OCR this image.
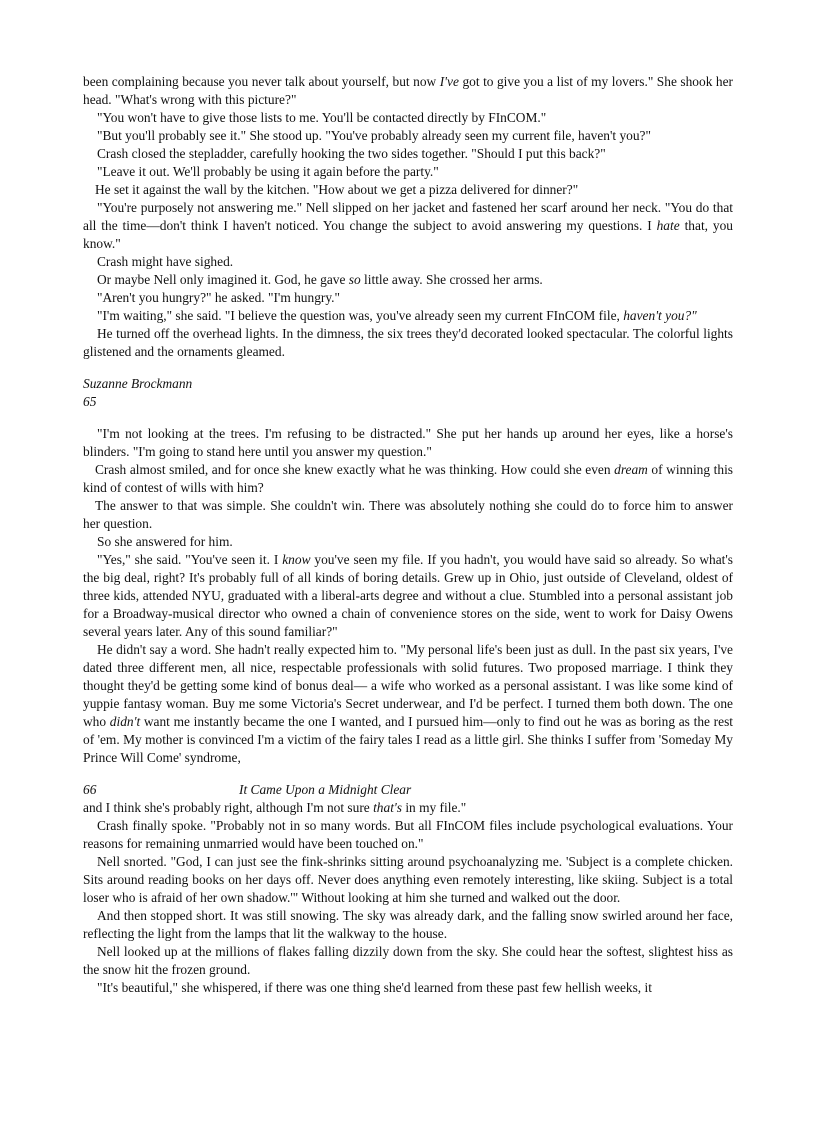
been complaining because you never talk about yourself, but now I've got to give you a list of my lovers." She shook her head. "What's wrong with this picture?"

"You won't have to give those lists to me. You'll be contacted directly by FInCOM."

"But you'll probably see it." She stood up. "You've probably already seen my current file, haven't you?"

Crash closed the stepladder, carefully hooking the two sides together. "Should I put this back?"

"Leave it out. We'll probably be using it again before the party."

He set it against the wall by the kitchen. "How about we get a pizza delivered for dinner?"

"You're purposely not answering me." Nell slipped on her jacket and fastened her scarf around her neck. "You do that all the time—don't think I haven't noticed. You change the subject to avoid answering my questions. I hate that, you know."

Crash might have sighed.

Or maybe Nell only imagined it. God, he gave so little away. She crossed her arms.

"Aren't you hungry?" he asked. "I'm hungry."

"I'm waiting," she said. "I believe the question was, you've already seen my current FInCOM file, haven't you?"

He turned off the overhead lights. In the dimness, the six trees they'd decorated looked spectacular. The colorful lights glistened and the ornaments gleamed.

Suzanne Brockmann

65

"I'm not looking at the trees. I'm refusing to be distracted." She put her hands up around her eyes, like a horse's blinders. "I'm going to stand here until you answer my question."

Crash almost smiled, and for once she knew exactly what he was thinking. How could she even dream of winning this kind of contest of wills with him?

The answer to that was simple. She couldn't win. There was absolutely nothing she could do to force him to answer her question.

So she answered for him.

"Yes," she said. "You've seen it. I know you've seen my file. If you hadn't, you would have said so already. So what's the big deal, right? It's probably full of all kinds of boring details. Grew up in Ohio, just outside of Cleveland, oldest of three kids, attended NYU, graduated with a liberal-arts degree and without a clue. Stumbled into a personal assistant job for a Broadway-musical director who owned a chain of convenience stores on the side, went to work for Daisy Owens several years later. Any of this sound familiar?"

He didn't say a word. She hadn't really expected him to. "My personal life's been just as dull. In the past six years, I've dated three different men, all nice, respectable professionals with solid futures. Two proposed marriage. I think they thought they'd be getting some kind of bonus deal— a wife who worked as a personal assistant. I was like some kind of yuppie fantasy woman. Buy me some Victoria's Secret underwear, and I'd be perfect. I turned them both down. The one who didn't want me instantly became the one I wanted, and I pursued him—only to find out he was as boring as the rest of 'em. My mother is convinced I'm a victim of the fairy tales I read as a little girl. She thinks I suffer from 'Someday My Prince Will Come' syndrome,

66	It Came Upon a Midnight Clear

and I think she's probably right, although I'm not sure that's in my file."

Crash finally spoke. "Probably not in so many words. But all FInCOM files include psychological evaluations. Your reasons for remaining unmarried would have been touched on."

Nell snorted. "God, I can just see the fink-shrinks sitting around psychoanalyzing me. 'Subject is a complete chicken. Sits around reading books on her days off. Never does anything even remotely interesting, like skiing. Subject is a total loser who is afraid of her own shadow.'" Without looking at him she turned and walked out the door.

And then stopped short. It was still snowing. The sky was already dark, and the falling snow swirled around her face, reflecting the light from the lamps that lit the walkway to the house.

Nell looked up at the millions of flakes falling dizzily down from the sky. She could hear the softest, slightest hiss as the snow hit the frozen ground.

"It's beautiful," she whispered, if there was one thing she'd learned from these past few hellish weeks, it
